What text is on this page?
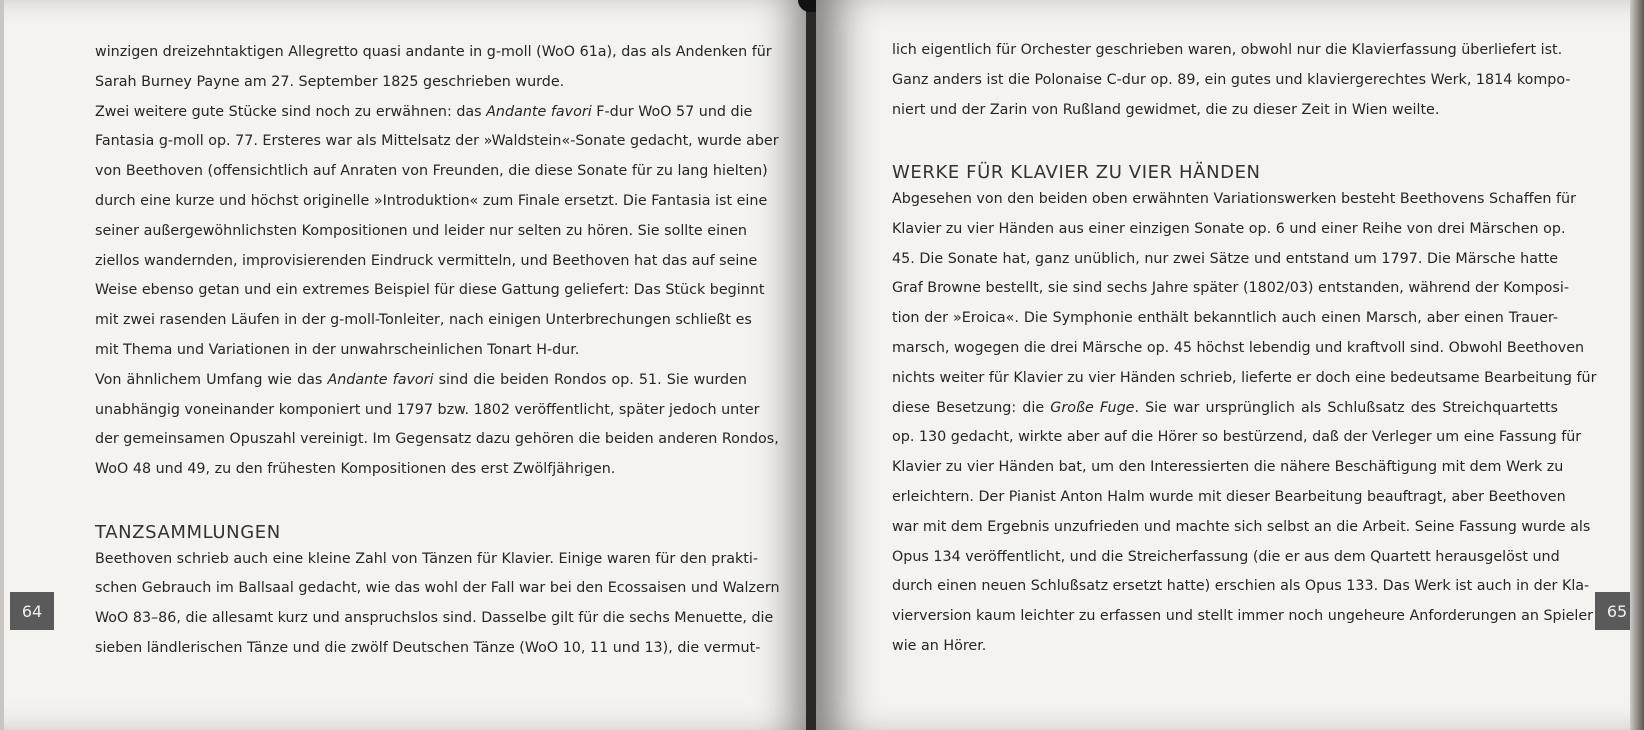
winzigen dreizehntaktigen Allegretto quasi andante in g-moll (WoO 61a), das als Andenken für
Sarah Burney Payne am 27. September 1825 geschrieben wurde.
Zwei weitere gute Stücke sind noch zu erwähnen: das Andante favori F-dur WoO 57 und die
Fantasia g-moll op. 77. Ersteres war als Mittelsatz der »Waldstein«-Sonate gedacht, wurde aber
von Beethoven (offensichtlich auf Anraten von Freunden, die diese Sonate für zu lang hielten)
durch eine kurze und höchst originelle »Introduktion« zum Finale ersetzt. Die Fantasia ist eine
seiner außergewöhnlichsten Kompositionen und leider nur selten zu hören. Sie sollte einen
ziellos wandernden, improvisierenden Eindruck vermitteln, und Beethoven hat das auf seine
Weise ebenso getan und ein extremes Beispiel für diese Gattung geliefert: Das Stück beginnt
mit zwei rasenden Läufen in der g-moll-Tonleiter, nach einigen Unterbrechungen schließt es
mit Thema und Variationen in der unwahrscheinlichen Tonart H-dur.
Von ähnlichem Umfang wie das Andante favori sind die beiden Rondos op. 51. Sie wurden
unabhängig voneinander komponiert und 1797 bzw. 1802 veröffentlicht, später jedoch unter
der gemeinsamen Opuszahl vereinigt. Im Gegensatz dazu gehören die beiden anderen Rondos,
WoO 48 und 49, zu den frühesten Kompositionen des erst Zwölfjährigen.
TANZSAMMLUNGEN
Beethoven schrieb auch eine kleine Zahl von Tänzen für Klavier. Einige waren für den prakti-
schen Gebrauch im Ballsaal gedacht, wie das wohl der Fall war bei den Ecossaisen und Walzern
WoO 83–86, die allesamt kurz und anspruchslos sind. Dasselbe gilt für die sechs Menuette, die
sieben ländlerischen Tänze und die zwölf Deutschen Tänze (WoO 10, 11 und 13), die vermut-
64
lich eigentlich für Orchester geschrieben waren, obwohl nur die Klavierfassung überliefert ist.
Ganz anders ist die Polonaise C-dur op. 89, ein gutes und klaviergerechtes Werk, 1814 kompo-
niert und der Zarin von Rußland gewidmet, die zu dieser Zeit in Wien weilte.
WERKE FÜR KLAVIER ZU VIER HÄNDEN
Abgesehen von den beiden oben erwähnten Variationswerken besteht Beethovens Schaffen für
Klavier zu vier Händen aus einer einzigen Sonate op. 6 und einer Reihe von drei Märschen op.
45. Die Sonate hat, ganz unüblich, nur zwei Sätze und entstand um 1797. Die Märsche hatte
Graf Browne bestellt, sie sind sechs Jahre später (1802/03) entstanden, während der Komposi-
tion der »Eroica«. Die Symphonie enthält bekanntlich auch einen Marsch, aber einen Trauer-
marsch, wogegen die drei Märsche op. 45 höchst lebendig und kraftvoll sind. Obwohl Beethoven
nichts weiter für Klavier zu vier Händen schrieb, lieferte er doch eine bedeutsame Bearbeitung für
diese Besetzung: die Große Fuge. Sie war ursprünglich als Schlußsatz des Streichquartetts
op. 130 gedacht, wirkte aber auf die Hörer so bestürzend, daß der Verleger um eine Fassung für
Klavier zu vier Händen bat, um den Interessierten die nähere Beschäftigung mit dem Werk zu
erleichtern. Der Pianist Anton Halm wurde mit dieser Bearbeitung beauftragt, aber Beethoven
war mit dem Ergebnis unzufrieden und machte sich selbst an die Arbeit. Seine Fassung wurde als
Opus 134 veröffentlicht, und die Streicherfassung (die er aus dem Quartett herausgelöst und
durch einen neuen Schlußsatz ersetzt hatte) erschien als Opus 133. Das Werk ist auch in der Kla-
vierversion kaum leichter zu erfassen und stellt immer noch ungeheure Anforderungen an Spieler
wie an Hörer.
65
